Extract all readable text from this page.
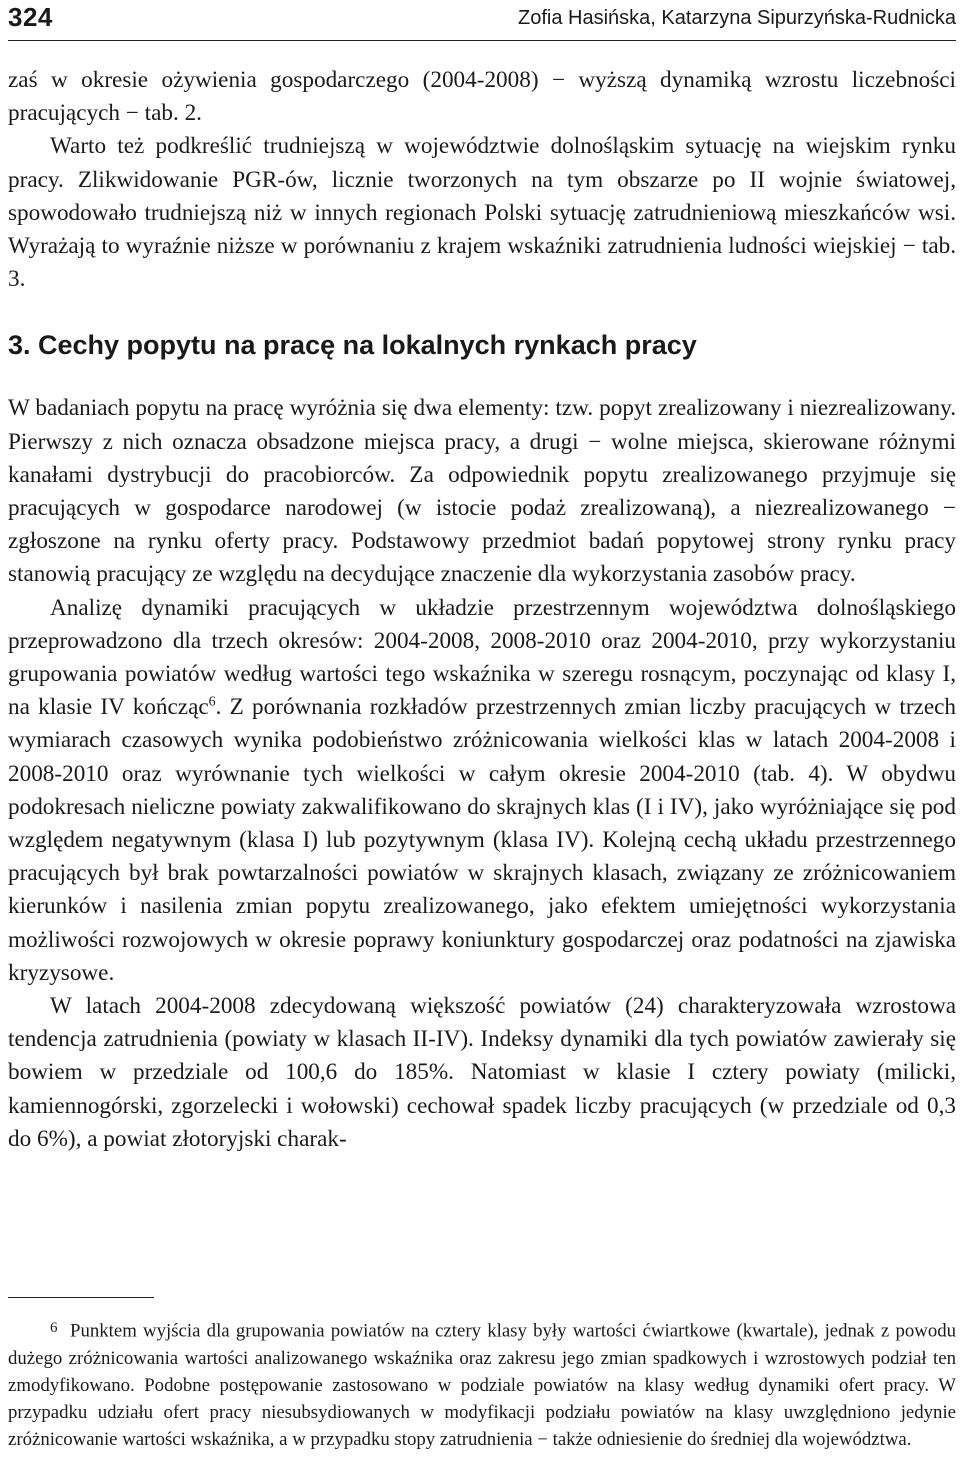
324	Zofia Hasińska, Katarzyna Sipurzyńska-Rudnicka

zaś w okresie ożywienia gospodarczego (2004-2008) − wyższą dynamiką wzrostu liczebności pracujących − tab. 2.

Warto też podkreślić trudniejszą w województwie dolnośląskim sytuację na wiejskim rynku pracy. Zlikwidowanie PGR-ów, licznie tworzonych na tym obszarze po II wojnie światowej, spowodowało trudniejszą niż w innych regionach Polski sytuację zatrudnieniową mieszkańców wsi. Wyrażają to wyraźnie niższe w porównaniu z krajem wskaźniki zatrudnienia ludności wiejskiej − tab. 3.

3. Cechy popytu na pracę na lokalnych rynkach pracy

W badaniach popytu na pracę wyróżnia się dwa elementy: tzw. popyt zrealizowany i niezrealizowany. Pierwszy z nich oznacza obsadzone miejsca pracy, a drugi − wolne miejsca, skierowane różnymi kanałami dystrybucji do pracobiorców. Za odpowiednik popytu zrealizowanego przyjmuje się pracujących w gospodarce narodowej (w istocie podaż zrealizowaną), a niezrealizowanego − zgłoszone na rynku oferty pracy. Podstawowy przedmiot badań popytowej strony rynku pracy stanowią pracujący ze względu na decydujące znaczenie dla wykorzystania zasobów pracy.

Analizę dynamiki pracujących w układzie przestrzennym województwa dolnośląskiego przeprowadzono dla trzech okresów: 2004-2008, 2008-2010 oraz 2004-2010, przy wykorzystaniu grupowania powiatów według wartości tego wskaźnika w szeregu rosnącym, poczynając od klasy I, na klasie IV kończąc$^6$. Z porównania rozkładów przestrzennych zmian liczby pracujących w trzech wymiarach czasowych wynika podobieństwo zróżnicowania wielkości klas w latach 2004-2008 i 2008-2010 oraz wyrównanie tych wielkości w całym okresie 2004-2010 (tab. 4). W obydwu podokresach nieliczne powiaty zakwalifikowano do skrajnych klas (I i IV), jako wyróżniające się pod względem negatywnym (klasa I) lub pozytywnym (klasa IV). Kolejną cechą układu przestrzennego pracujących był brak powtarzalności powiatów w skrajnych klasach, związany ze zróżnicowaniem kierunków i nasilenia zmian popytu zrealizowanego, jako efektem umiejętności wykorzystania możliwości rozwojowych w okresie poprawy koniunktury gospodarczej oraz podatności na zjawiska kryzysowe.

W latach 2004-2008 zdecydowaną większość powiatów (24) charakteryzowała wzrostowa tendencja zatrudnienia (powiaty w klasach II-IV). Indeksy dynamiki dla tych powiatów zawierały się bowiem w przedziale od 100,6 do 185%. Natomiast w klasie I cztery powiaty (milicki, kamiennogórski, zgorzelecki i wołowski) cechował spadek liczby pracujących (w przedziale od 0,3 do 6%), a powiat złotoryjski charak-

$^6$ Punktem wyjścia dla grupowania powiatów na cztery klasy były wartości ćwiartkowe (kwartale), jednak z powodu dużego zróżnicowania wartości analizowanego wskaźnika oraz zakresu jego zmian spadkowych i wzrostowych podział ten zmodyfikowano. Podobne postępowanie zastosowano w podziale powiatów na klasy według dynamiki ofert pracy. W przypadku udziału ofert pracy niesubsydiowanych w modyfikacji podziału powiatów na klasy uwzględniono jedynie zróżnicowanie wartości wskaźnika, a w przypadku stopy zatrudnienia − także odniesienie do średniej dla województwa.
